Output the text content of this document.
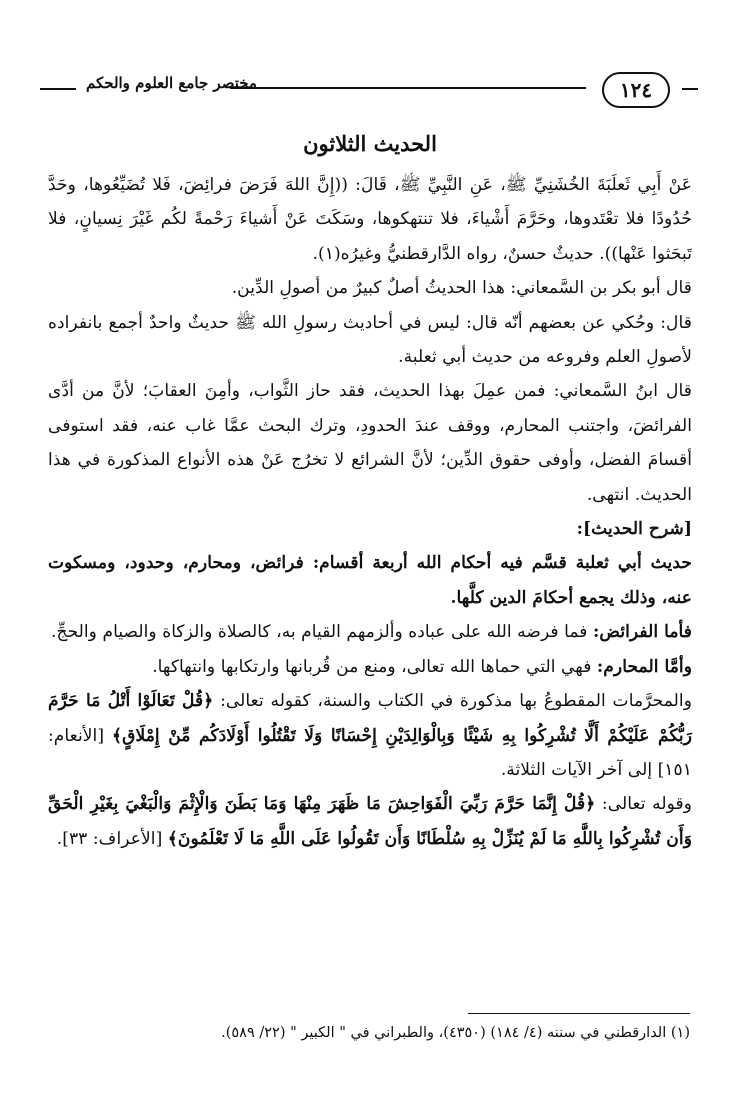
١٢٤
مختصر جامع العلوم والحكم
الحديث الثلاثون

عَنْ أَبِي ثَعلَبَةَ الخُشَنِيِّ ﷺ، عَنِ النَّبِيِّ ﷺ، قَالَ: ((إِنَّ اللهَ فَرَضَ فرائِضَ، فَلا تُضَيِّعُوها، وحَدَّ حُدُودًا فلا تعْتَدوها، وحَرَّمَ أَشْياءَ، فلا تنتهكوها، وسَكَتَ عَنْ أَشياءَ رَحْمةً لكُم غَيْرَ نِسيانٍ، فلا تَبحَثوا عَنْها)). حديثٌ حسنٌ، رواه الدَّارقطنيُّ وغيرُه(١).

قال أبو بكر بن السَّمعاني: هذا الحديثُ أصلٌ كبيرٌ من أصولِ الدِّين.

قال: وحُكي عن بعضهم أنّه قال: ليس في أحاديث رسولِ الله ﷺ حديثٌ واحدٌ أجمع بانفراده لأصولِ العلم وفروعه من حديث أبي ثعلبة.

قال ابنُ السَّمعاني: فمن عمِلَ بهذا الحديث، فقد حاز الثَّواب، وأمِنَ العقابَ؛ لأنَّ من أدَّى الفرائضَ، واجتنب المحارم، ووقف عندَ الحدودِ، وترك البحث عمَّا غاب عنه، فقد استوفى أقسامَ الفضل، وأوفى حقوق الدِّين؛ لأنَّ الشرائع لا تخرُج عَنْ هذه الأنواع المذكورة في هذا الحديث. انتهى.

[شرح الحديث]:

حديث أبي ثعلبة قسَّم فيه أحكام الله أربعة أقسام: فرائض، ومحارم، وحدود، ومسكوت عنه، وذلك يجمع أحكامَ الدين كلَّها.

فأما الفرائض: فما فرضه الله على عباده وألزمهم القيام به، كالصلاة والزكاة والصيام والحجِّ.

وأمَّا المحارم: فهي التي حماها الله تعالى، ومنع من قُربانها وارتكابها وانتهاكها.

والمحرَّمات المقطوعُ بها مذكورة في الكتاب والسنة، كقوله تعالى: ﴿قُلْ تَعَالَوْا أَتْلُ مَا حَرَّمَ رَبُّكُمْ عَلَيْكُمْ أَلَّا تُشْرِكُوا بِهِ شَيْئًا وَبِالْوَالِدَيْنِ إِحْسَانًا وَلَا تَقْتُلُوا أَوْلَادَكُم مِّنْ إِمْلَاقٍ﴾ [الأنعام: ١٥١] إلى آخر الآيات الثلاثة.

وقوله تعالى: ﴿قُلْ إِنَّمَا حَرَّمَ رَبِّيَ الْفَوَاحِشَ مَا ظَهَرَ مِنْهَا وَمَا بَطَنَ وَالْإِثْمَ وَالْبَغْيَ بِغَيْرِ الْحَقِّ وَأَن تُشْرِكُوا بِاللَّهِ مَا لَمْ يُنَزِّلْ بِهِ سُلْطَانًا وَأَن تَقُولُوا عَلَى اللَّهِ مَا لَا تَعْلَمُونَ﴾ [الأعراف: ٣٣].

(١) الدارقطني في سننه (٤/ ١٨٤) (٤٣٥٠)، والطبراني في " الكبير " (٢٢/ ٥٨٩).
